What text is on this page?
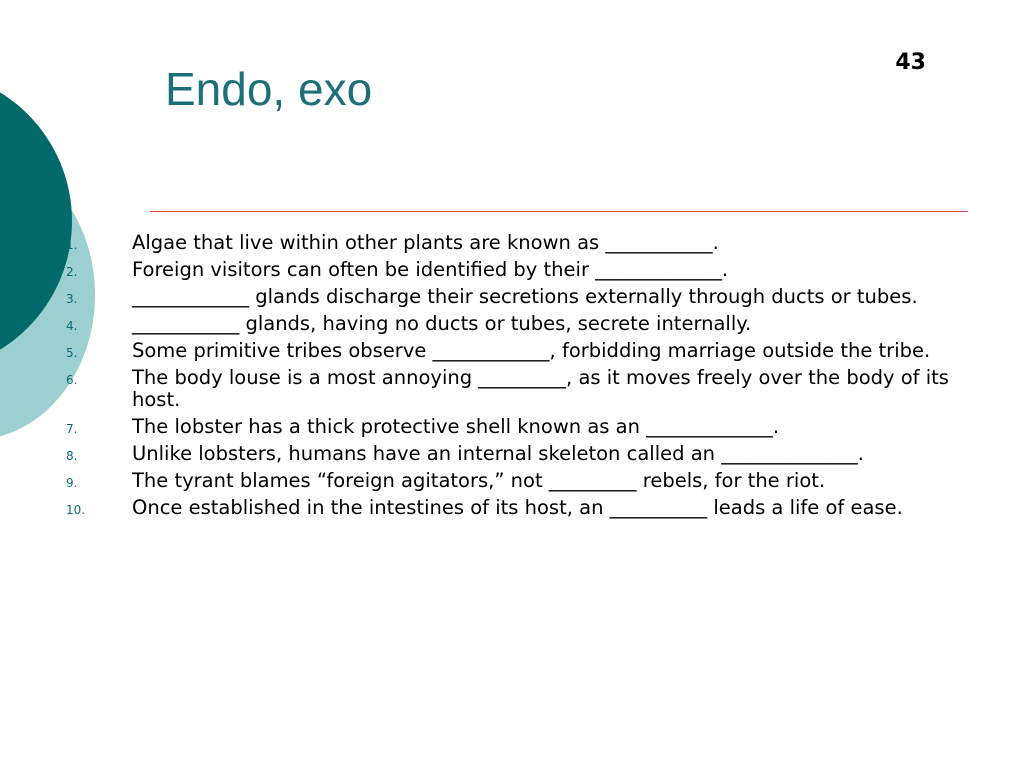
43
Endo, exo
1.	Algae that live within other plants are known as ___________.
2.	Foreign visitors can often be identified by their _____________.
3.	____________ glands discharge their secretions externally through ducts or tubes.
4.	___________ glands, having no ducts or tubes, secrete internally.
5.	Some primitive tribes observe ____________, forbidding marriage outside the tribe.
6.	The body louse is a most annoying _________, as it moves freely over the body of its host.
7.	The lobster has a thick protective shell known as an _____________.
8.	Unlike lobsters, humans have an internal skeleton called an ______________.
9.	The tyrant blames “foreign agitators,” not _________ rebels, for the riot.
10.	Once established in the intestines of its host, an __________ leads a life of ease.
